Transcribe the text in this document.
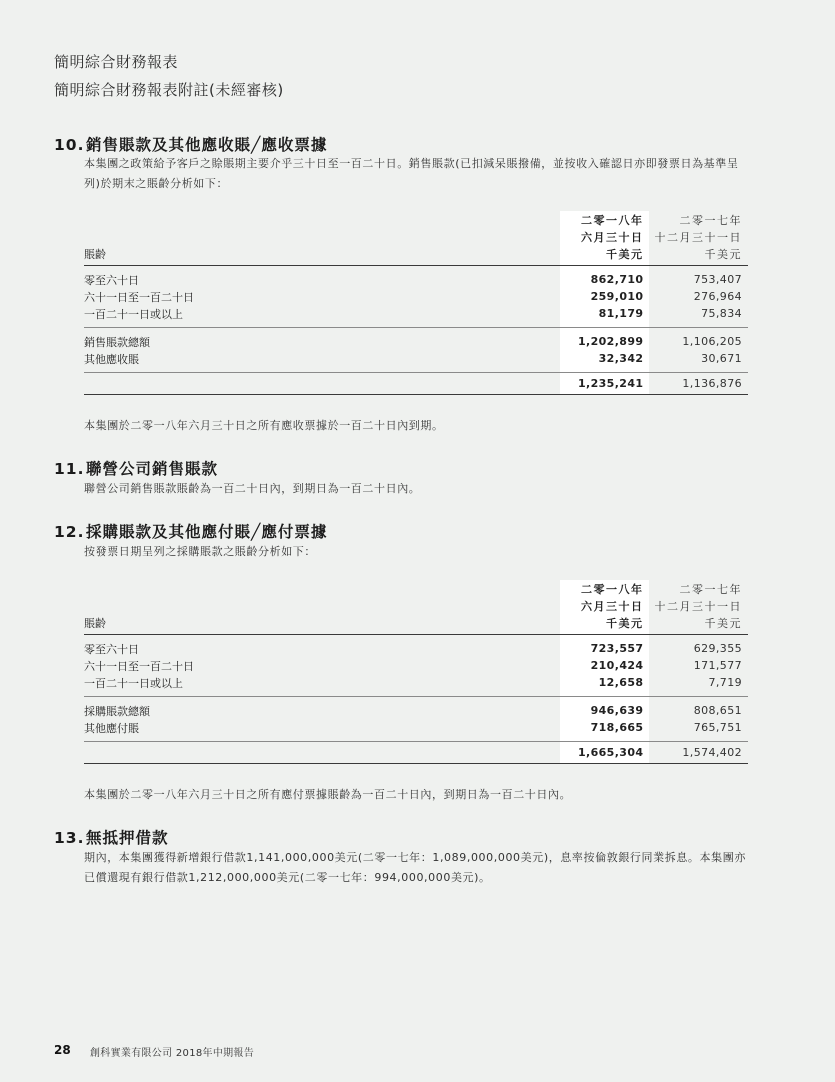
簡明綜合財務報表
簡明綜合財務報表附註(未經審核)
10.銷售賬款及其他應收賬╱應收票據
本集團之政策給予客戶之賒賬期主要介乎三十日至一百二十日。銷售賬款(已扣減呆賬撥備，並按收入確認日亦即發票日為基準呈列)於期末之賬齡分析如下：
	二零一八年	二零一七年
	六月三十日	十二月三十一日
賬齡	千美元	千美元

零至六十日	862,710	753,407
六十一日至一百二十日	259,010	276,964
一百二十一日或以上	81,179	75,834

銷售賬款總額	1,202,899	1,106,205
其他應收賬	32,342	30,671

	1,235,241	1,136,876
本集團於二零一八年六月三十日之所有應收票據於一百二十日內到期。
11.聯營公司銷售賬款
聯營公司銷售賬款賬齡為一百二十日內，到期日為一百二十日內。
12.採購賬款及其他應付賬╱應付票據
按發票日期呈列之採購賬款之賬齡分析如下：
	二零一八年	二零一七年
	六月三十日	十二月三十一日
賬齡	千美元	千美元

零至六十日	723,557	629,355
六十一日至一百二十日	210,424	171,577
一百二十一日或以上	12,658	7,719

採購賬款總額	946,639	808,651
其他應付賬	718,665	765,751

	1,665,304	1,574,402
本集團於二零一八年六月三十日之所有應付票據賬齡為一百二十日內，到期日為一百二十日內。
13.無抵押借款
期內，本集團獲得新增銀行借款1,141,000,000美元(二零一七年：1,089,000,000美元)，息率按倫敦銀行同業拆息。本集團亦已償還現有銀行借款1,212,000,000美元(二零一七年：994,000,000美元)。
28 創科實業有限公司 2018年中期報告
